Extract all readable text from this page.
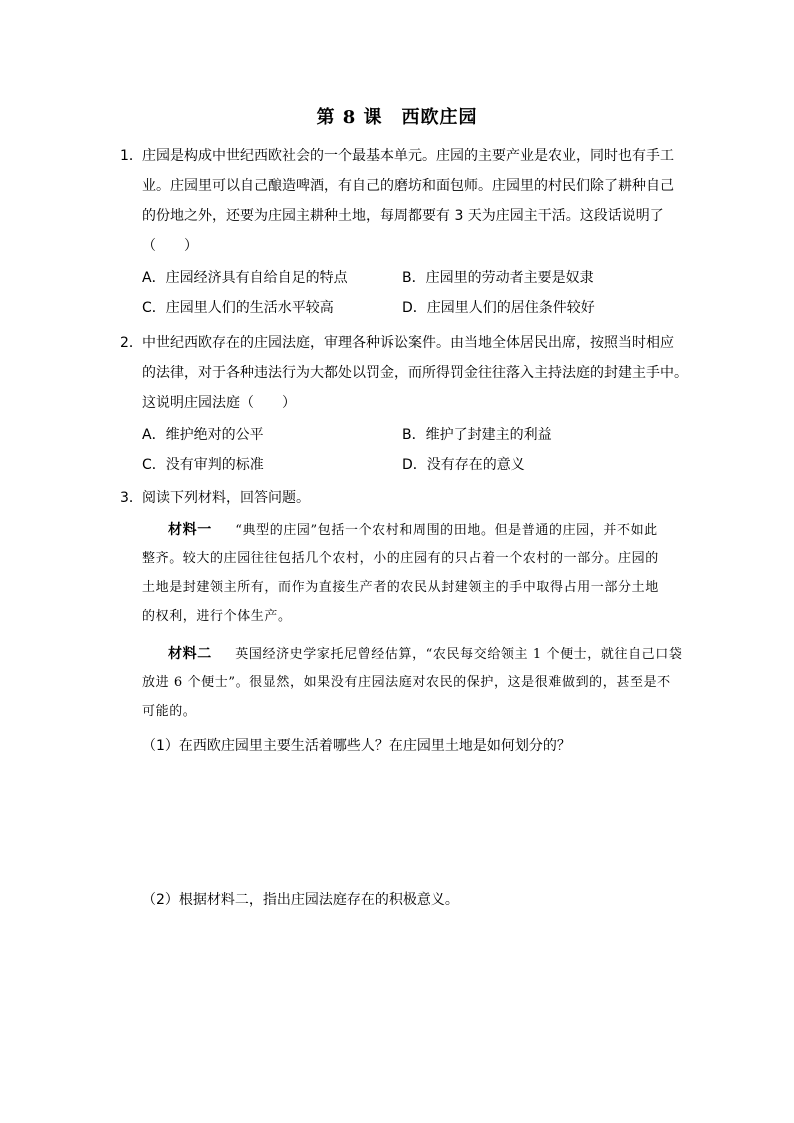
第 8 课　西欧庄园
1． 庄园是构成中世纪西欧社会的一个最基本单元。庄园的主要产业是农业，同时也有手工
业。庄园里可以自己酿造啤酒，有自己的磨坊和面包师。庄园里的村民们除了耕种自己
的份地之外，还要为庄园主耕种土地，每周都要有 3 天为庄园主干活。这段话说明了
（　　）
A．庄园经济具有自给自足的特点	B．庄园里的劳动者主要是奴隶
C．庄园里人们的生活水平较高	D．庄园里人们的居住条件较好
2． 中世纪西欧存在的庄园法庭，审理各种诉讼案件。由当地全体居民出席，按照当时相应
的法律，对于各种违法行为大都处以罚金，而所得罚金往往落入主持法庭的封建主手中。
这说明庄园法庭（　　）
A．维护绝对的公平	B．维护了封建主的利益
C．没有审判的标准	D．没有存在的意义
3． 阅读下列材料，回答问题。
材料一 “典型的庄园”包括一个农村和周围的田地。但是普通的庄园，并不如此
整齐。较大的庄园往往包括几个农村，小的庄园有的只占着一个农村的一部分。庄园的
土地是封建领主所有，而作为直接生产者的农民从封建领主的手中取得占用一部分土地
的权利，进行个体生产。
材料二 英国经济史学家托尼曾经估算，“农民每交给领主 1 个便士，就往自己口袋
放进 6 个便士”。很显然，如果没有庄园法庭对农民的保护，这是很难做到的，甚至是不
可能的。
（1）在西欧庄园里主要生活着哪些人？在庄园里土地是如何划分的？
（2）根据材料二，指出庄园法庭存在的积极意义。
